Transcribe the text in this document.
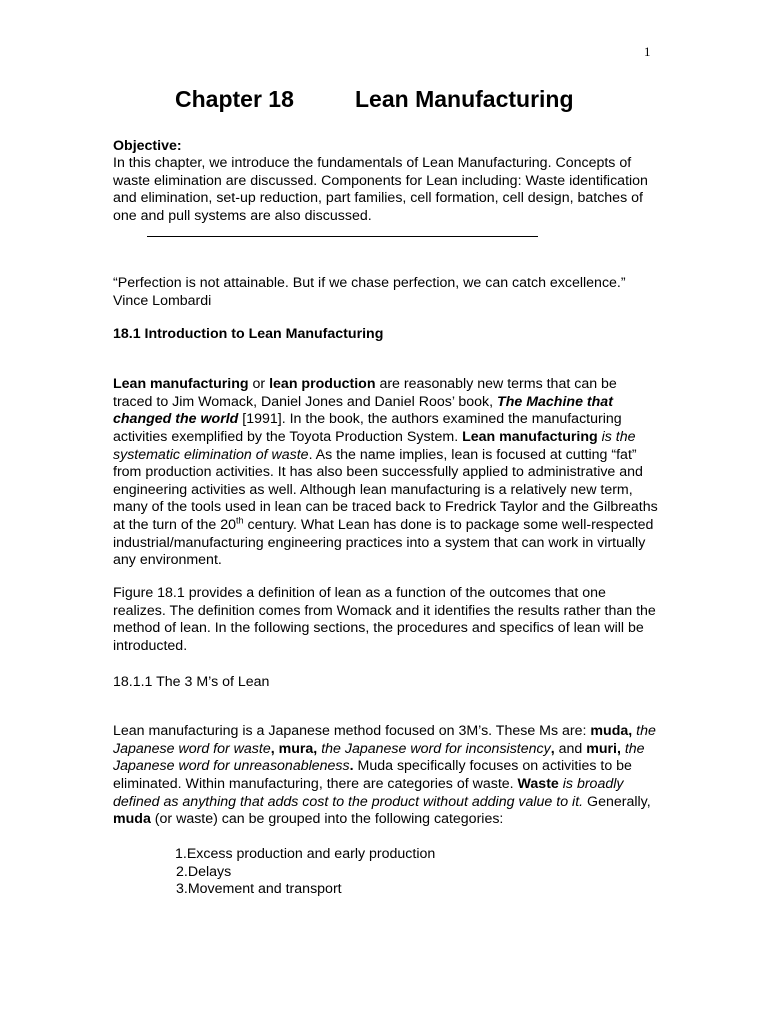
1
Chapter 18	Lean Manufacturing
Objective:
In this chapter, we introduce the fundamentals of Lean Manufacturing. Concepts of waste elimination are discussed. Components for Lean including: Waste identification and elimination, set-up reduction, part families, cell formation, cell design, batches of one and pull systems are also discussed.
“Perfection is not attainable. But if we chase perfection, we can catch excellence.” Vince Lombardi
18.1 Introduction to Lean Manufacturing

Lean manufacturing or lean production are reasonably new terms that can be traced to Jim Womack, Daniel Jones and Daniel Roos’ book, The Machine that changed the world [1991]. In the book, the authors examined the manufacturing activities exemplified by the Toyota Production System. Lean manufacturing is the systematic elimination of waste. As the name implies, lean is focused at cutting “fat” from production activities. It has also been successfully applied to administrative and engineering activities as well. Although lean manufacturing is a relatively new term, many of the tools used in lean can be traced back to Fredrick Taylor and the Gilbreaths at the turn of the 20th century. What Lean has done is to package some well-respected industrial/manufacturing engineering practices into a system that can work in virtually any environment.

Figure 18.1 provides a definition of lean as a function of the outcomes that one realizes. The definition comes from Womack and it identifies the results rather than the method of lean. In the following sections, the procedures and specifics of lean will be introducted.

18.1.1 The 3 M’s of Lean

Lean manufacturing is a Japanese method focused on 3M’s. These Ms are: muda, the Japanese word for waste, mura, the Japanese word for inconsistency, and muri, the Japanese word for unreasonableness. Muda specifically focuses on activities to be eliminated. Within manufacturing, there are categories of waste. Waste is broadly defined as anything that adds cost to the product without adding value to it. Generally, muda (or waste) can be grouped into the following categories:

1.Excess production and early production
2.Delays
3.Movement and transport
